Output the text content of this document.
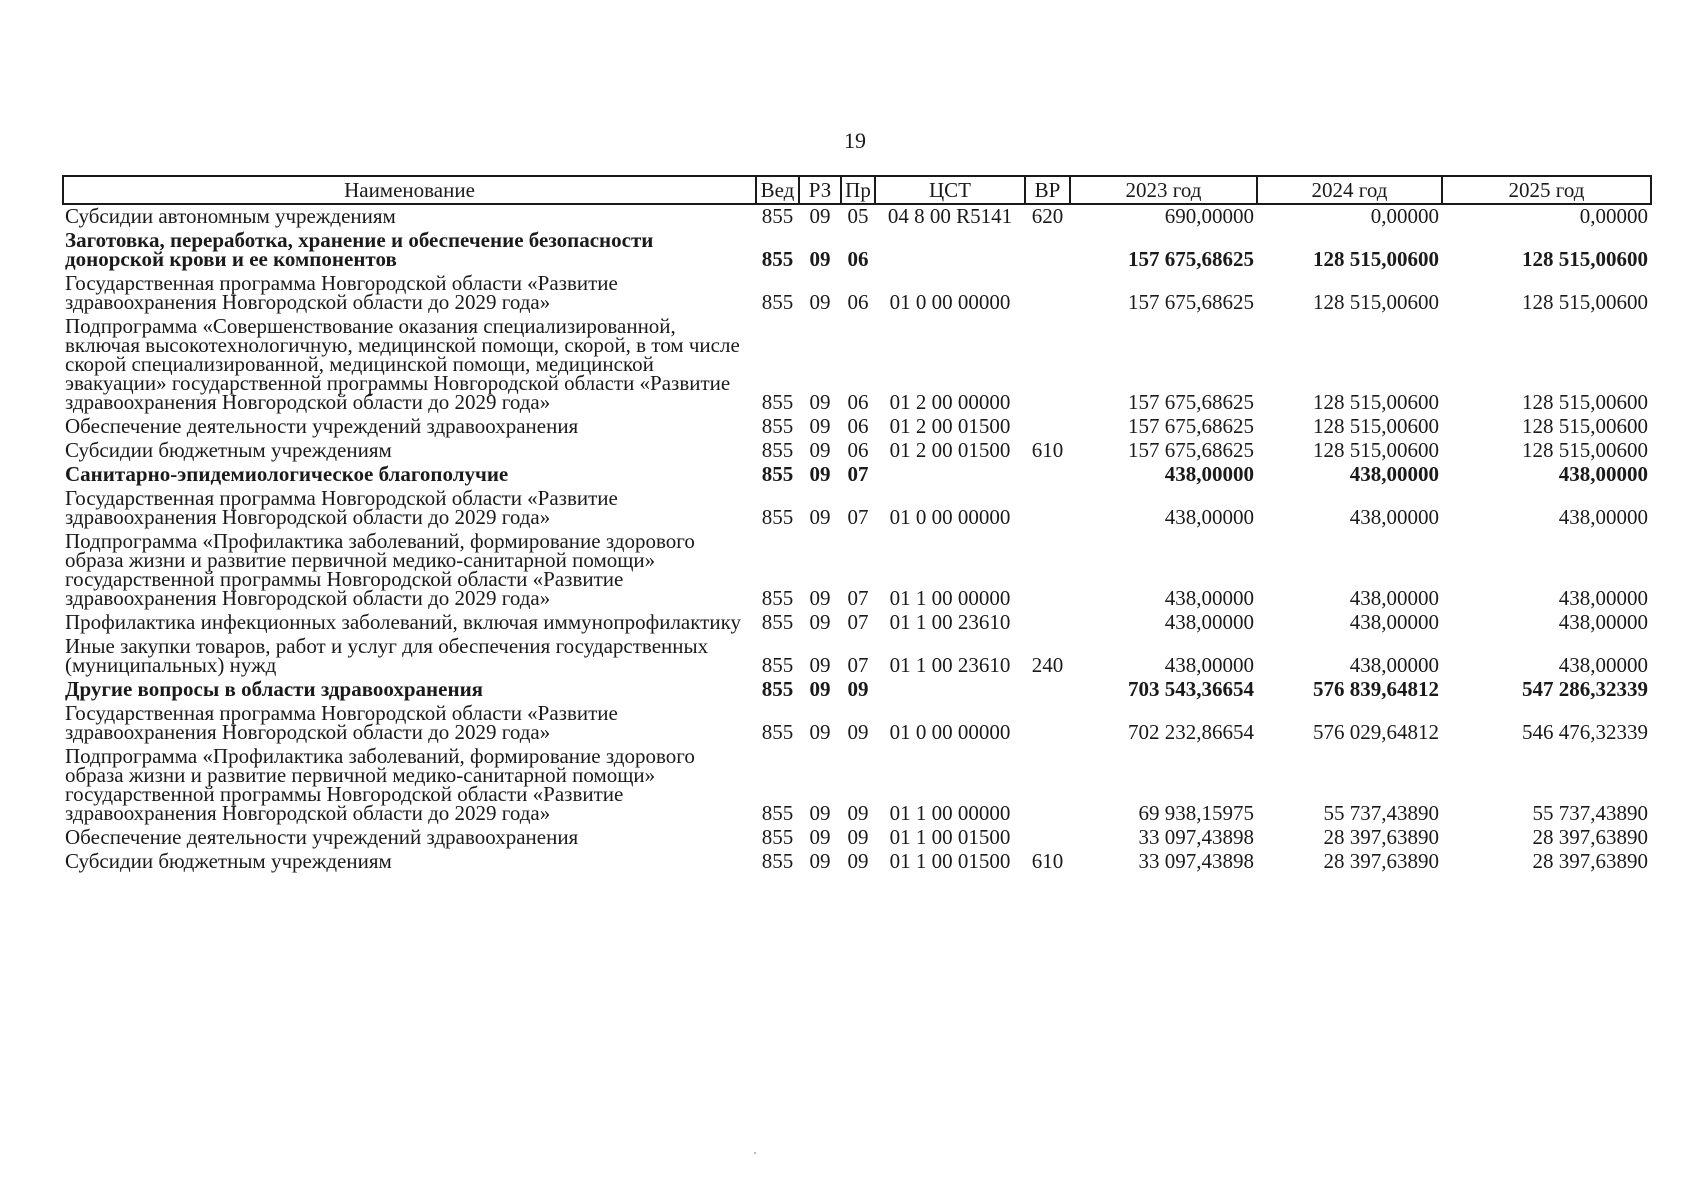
19
Наименование	Вед	РЗ	Пр	ЦСТ	ВР	2023 год	2024 год	2025 год
Субсидии автономным учреждениям	855	09	05	04 8 00 R5141	620	690,00000	0,00000	0,00000
Заготовка, переработка, хранение и обеспечение безопасности донорской крови и ее компонентов	855	09	06			157 675,68625	128 515,00600	128 515,00600
Государственная программа Новгородской области «Развитие здравоохранения Новгородской области до 2029 года»	855	09	06	01 0 00 00000		157 675,68625	128 515,00600	128 515,00600
Подпрограмма «Совершенствование оказания специализированной, включая высокотехнологичную, медицинской помощи, скорой, в том числе скорой специализированной, медицинской помощи, медицинской эвакуации» государственной программы Новгородской области «Развитие здравоохранения Новгородской области до 2029 года»	855	09	06	01 2 00 00000		157 675,68625	128 515,00600	128 515,00600
Обеспечение деятельности учреждений здравоохранения	855	09	06	01 2 00 01500		157 675,68625	128 515,00600	128 515,00600
Субсидии бюджетным учреждениям	855	09	06	01 2 00 01500	610	157 675,68625	128 515,00600	128 515,00600
Санитарно-эпидемиологическое благополучие	855	09	07			438,00000	438,00000	438,00000
Государственная программа Новгородской области «Развитие здравоохранения Новгородской области до 2029 года»	855	09	07	01 0 00 00000		438,00000	438,00000	438,00000
Подпрограмма «Профилактика заболеваний, формирование здорового образа жизни и развитие первичной медико-санитарной помощи» государственной программы Новгородской области «Развитие здравоохранения Новгородской области до 2029 года»	855	09	07	01 1 00 00000		438,00000	438,00000	438,00000
Профилактика инфекционных заболеваний, включая иммунопрофилактику	855	09	07	01 1 00 23610		438,00000	438,00000	438,00000
Иные закупки товаров, работ и услуг для обеспечения государственных (муниципальных) нужд	855	09	07	01 1 00 23610	240	438,00000	438,00000	438,00000
Другие вопросы в области здравоохранения	855	09	09			703 543,36654	576 839,64812	547 286,32339
Государственная программа Новгородской области «Развитие здравоохранения Новгородской области до 2029 года»	855	09	09	01 0 00 00000		702 232,86654	576 029,64812	546 476,32339
Подпрограмма «Профилактика заболеваний, формирование здорового образа жизни и развитие первичной медико-санитарной помощи» государственной программы Новгородской области «Развитие здравоохранения Новгородской области до 2029 года»	855	09	09	01 1 00 00000		69 938,15975	55 737,43890	55 737,43890
Обеспечение деятельности учреждений здравоохранения	855	09	09	01 1 00 01500		33 097,43898	28 397,63890	28 397,63890
Субсидии бюджетным учреждениям	855	09	09	01 1 00 01500	610	33 097,43898	28 397,63890	28 397,63890
